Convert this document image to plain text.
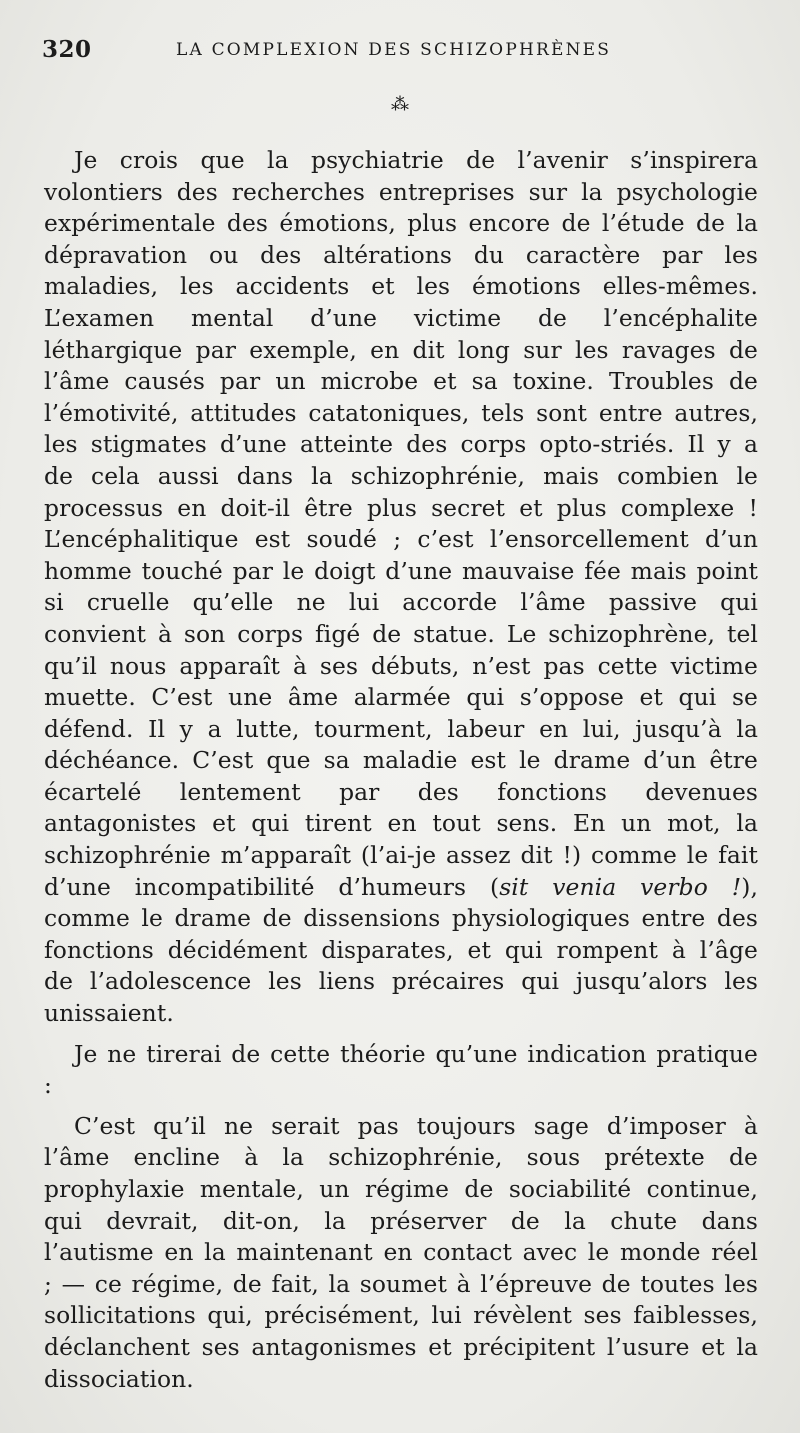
320	LA COMPLEXION DES SCHIZOPHRÈNES
⁂

Je crois que la psychiatrie de l’avenir s’inspirera volontiers des recherches entreprises sur la psychologie expérimentale des émotions, plus encore de l’étude de la dépravation ou des altérations du caractère par les maladies, les accidents et les émotions elles-mêmes. L’examen mental d’une victime de l’encéphalite léthargique par exemple, en dit long sur les ravages de l’âme causés par un microbe et sa toxine. Troubles de l’émotivité, attitudes catatoniques, tels sont entre autres, les stigmates d’une atteinte des corps opto-striés. Il y a de cela aussi dans la schizophrénie, mais combien le processus en doit-il être plus secret et plus complexe ! L’encéphalitique est soudé ; c’est l’ensorcellement d’un homme touché par le doigt d’une mauvaise fée mais point si cruelle qu’elle ne lui accorde l’âme passive qui convient à son corps figé de statue. Le schizophrène, tel qu’il nous apparaît à ses débuts, n’est pas cette victime muette. C’est une âme alarmée qui s’oppose et qui se défend. Il y a lutte, tourment, labeur en lui, jusqu’à la déchéance. C’est que sa maladie est le drame d’un être écartelé lentement par des fonctions devenues antagonistes et qui tirent en tout sens. En un mot, la schizophrénie m’apparaît (l’ai-je assez dit !) comme le fait d’une incompatibilité d’humeurs (sit venia verbo !), comme le drame de dissensions physiologiques entre des fonctions décidément disparates, et qui rompent à l’âge de l’adolescence les liens précaires qui jusqu’alors les unissaient.

Je ne tirerai de cette théorie qu’une indication pratique :

C’est qu’il ne serait pas toujours sage d’imposer à l’âme encline à la schizophrénie, sous prétexte de prophylaxie mentale, un régime de sociabilité continue, qui devrait, dit-on, la préserver de la chute dans l’autisme en la maintenant en contact avec le monde réel ; — ce régime, de fait, la soumet à l’épreuve de toutes les sollicitations qui, précisément, lui révèlent ses faiblesses, déclanchent ses antagonismes et précipitent l’usure et la dissociation.
